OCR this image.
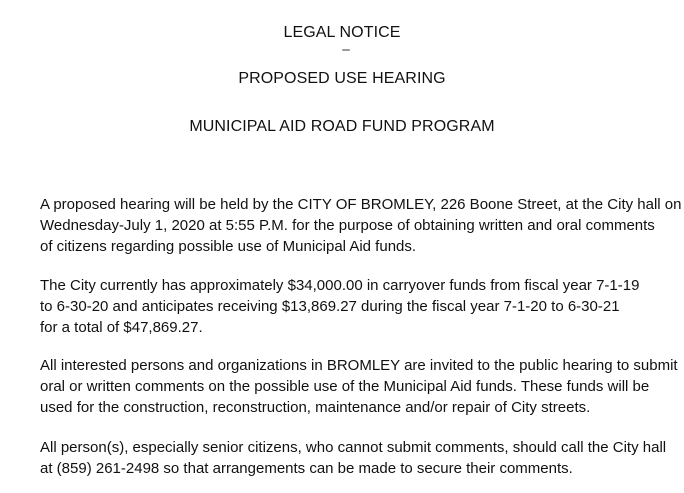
LEGAL NOTICE
PROPOSED USE HEARING
MUNICIPAL AID ROAD FUND PROGRAM

A proposed hearing will be held by the CITY OF BROMLEY, 226 Boone Street, at the City hall on
Wednesday-July 1, 2020 at 5:55 P.M. for the purpose of obtaining written and oral comments
of citizens regarding possible use of Municipal Aid funds.

The City currently has approximately $34,000.00 in carryover funds from fiscal year 7-1-19
to 6-30-20 and anticipates receiving $13,869.27 during the fiscal year 7-1-20 to 6-30-21
for a total of $47,869.27.

All interested persons and organizations in BROMLEY are invited to the public hearing to submit
oral or written comments on the possible use of the Municipal Aid funds. These funds will be
used for the construction, reconstruction, maintenance and/or repair of City streets.

All person(s), especially senior citizens, who cannot submit comments, should call the City hall
at (859) 261-2498 so that arrangements can be made to secure their comments.
